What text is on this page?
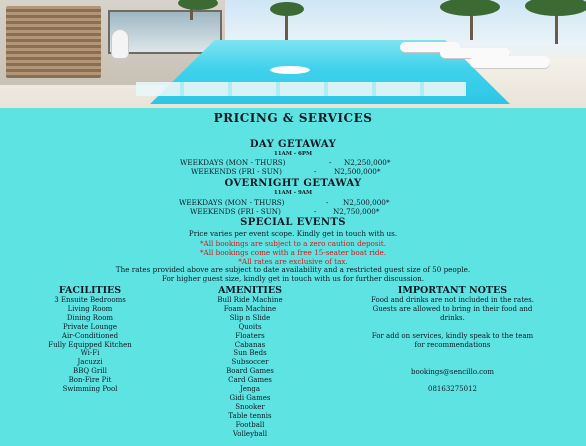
PRICING & SERVICES
DAY GETAWAY
11AM - 6PM
WEEKDAYS (MON - THURS)	- N2,250,000*
WEEKENDS (FRI - SUN)	- N2,500,000*
OVERNIGHT GETAWAY
11AM - 9AM
WEEKDAYS (MON - THURS)	- N2,500,000*
WEEKENDS (FRI - SUN)	- N2,750,000*
SPECIAL EVENTS
Price varies per event scope. Kindly get in touch with us.
*All bookings are subject to a zero caution deposit.
*All bookings come with a free 15-seater boat ride.
*All rates are exclusive of tax.
The rates provided above are subject to date availability and a restricted guest size of 50 people.
For higher guest size, kindly get in touch with us for further discussion.
FACILITIES
3 Ensuite Bedrooms
Living Room
Dining Room
Private Lounge
Air-Conditioned
Fully Equipped Kitchen
Wi-Fi
Jacuzzi
BBQ Grill
Bon-Fire Pit
Swimming Pool
AMENITIES
Bull Ride Machine
Foam Machine
Slip n Slide
Quoits
Floaters
Cabanas
Sun Beds
Subsoccer
Board Games
Card Games
Jenga
Gidi Games
Snooker
Table tennis
Football
Volleyball
IMPORTANT NOTES

Food and drinks are not included in the rates.
Guests are allowed to bring in their food and
drinks.

For add on services, kindly speak to the team
for recommendations

bookings@sencillo.com
08163275012
